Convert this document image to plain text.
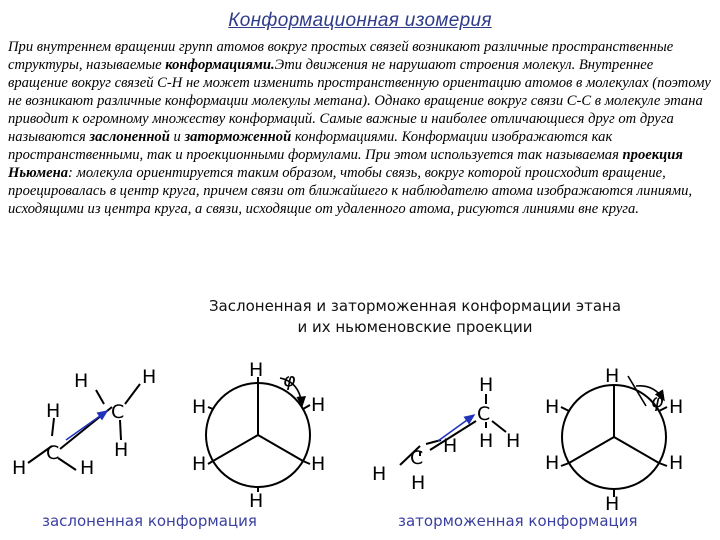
Конформационная изомерия
При внутреннем вращении групп атомов вокруг простых связей возникают различные пространственные структуры, называемые конформациями.Эти движения не нарушают строения молекул. Внутреннее вращение вокруг связей С-Н не может изменить пространственную ориентацию атомов в молекулах (поэтому не возникают различные конформации молекулы метана). Однако вращение вокруг связи С-С в молекуле этана приводит к огромному множеству конформаций. Самые важные и наиболее отличающиеся друг от друга называются заслоненной и заторможенной конформациями. Конформации изображаются как пространственными, так и проекционными формулами. При этом используется так называемая проекция Ньюмена: молекула ориентируется таким образом, чтобы связь, вокруг которой происходит вращение, проецировалась в центр круга, причем связи от ближайшего к наблюдателю атома изображаются линиями, исходящими из центра круга, а связи, исходящие от удаленного атома, рисуются линиями вне круга.
Заслоненная и заторможенная конформации этана
и их ньюменовские проекции
H	H
C
H
H
C
H	H
H
H	H
H	H
H
φ	H
C
H H
C
H
H H
H
H	H
H	H
H
φ
заслоненная конформация	заторможенная конформация
